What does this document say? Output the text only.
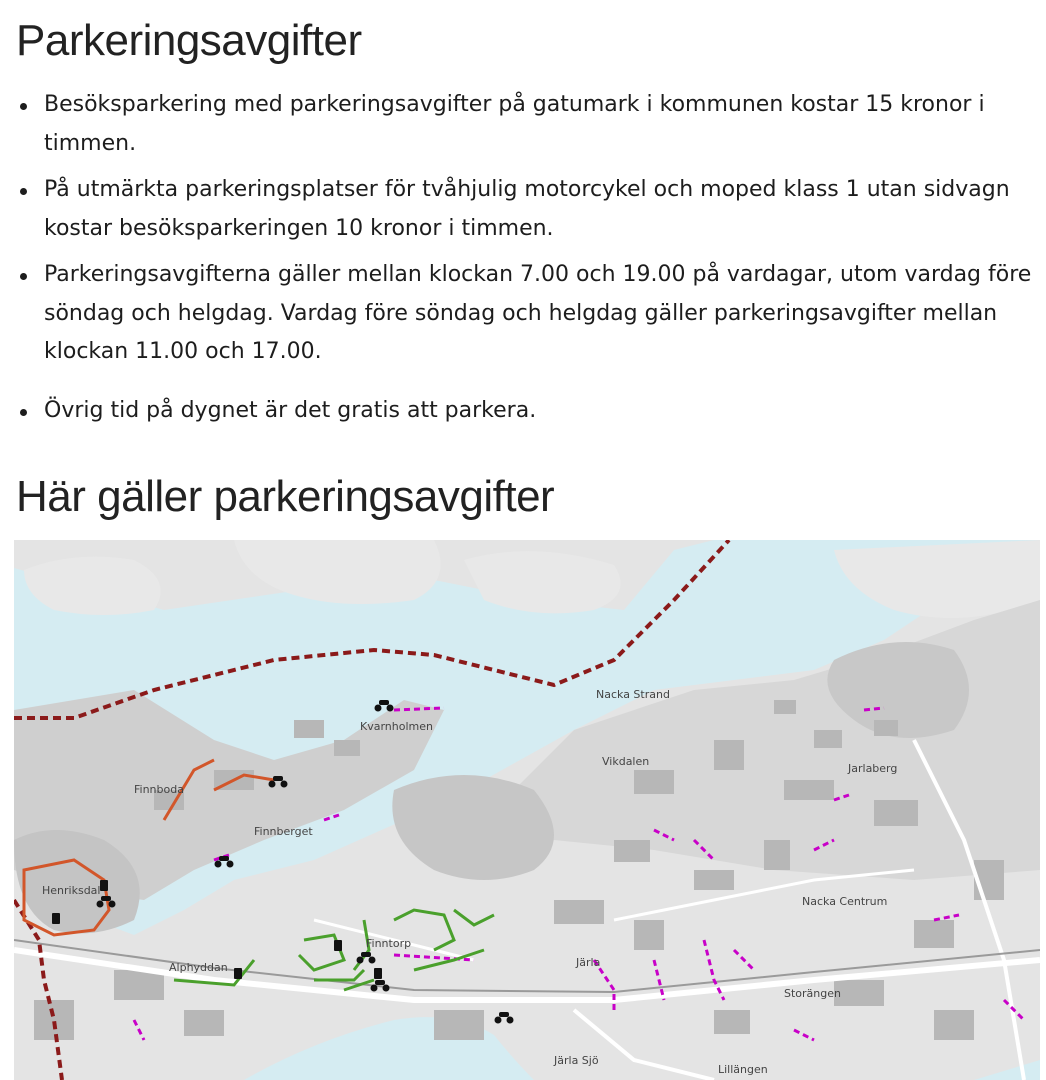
Parkeringsavgifter
Besöksparkering med parkeringsavgifter på gatumark i kommunen kostar 15 kronor i timmen.
På utmärkta parkeringsplatser för tvåhjulig motorcykel och moped klass 1 utan sidvagn kostar besöksparkeringen 10 kronor i timmen.
Parkeringsavgifterna gäller mellan klockan 7.00 och 19.00 på vardagar, utom vardag före söndag och helgdag. Vardag före söndag och helgdag gäller parkeringsavgifter mellan klockan 11.00 och 17.00.
Övrig tid på dygnet är det gratis att parkera.
Här gäller parkeringsavgifter
Nacka Strand
Kvarnholmen
Vikdalen
Jarlaberg
Finnboda
Finnberget
Henriksdal
Nacka Centrum
Finntorp
Alphyddan	Järla
Storängen
Järla Sjö
Lillängen
